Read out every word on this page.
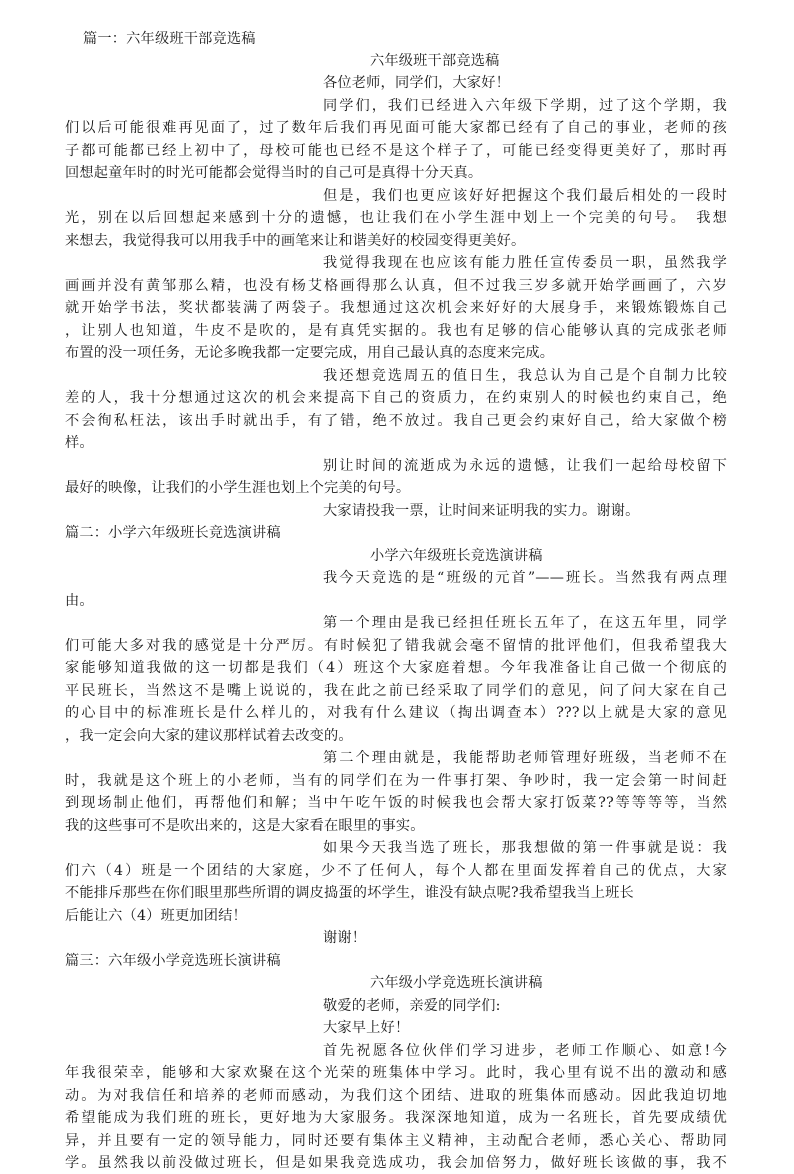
篇一：六年级班干部竞选稿
六年级班干部竞选稿
各位老师，同学们，大家好！
同学们，我们已经进入六年级下学期，过了这个学期，我
们以后可能很难再见面了，过了数年后我们再见面可能大家都已经有了自己的事业，老师的孩
子都可能都已经上初中了，母校可能也已经不是这个样子了，可能已经变得更美好了，那时再
回想起童年时的时光可能都会觉得当时的自己可是真得十分天真。
但是，我们也更应该好好把握这个我们最后相处的一段时
光，别在以后回想起来感到十分的遗憾，也让我们在小学生涯中划上一个完美的句号。　我想
来想去，我觉得我可以用我手中的画笔来让和谐美好的校园变得更美好。
我觉得我现在也应该有能力胜任宣传委员一职，虽然我学
画画并没有黄邹那么精，也没有杨艾格画得那么认真，但不过我三岁多就开始学画画了，六岁
就开始学书法，奖状都装满了两袋子。我想通过这次机会来好好的大展身手，来锻炼锻炼自己
，让别人也知道，牛皮不是吹的，是有真凭实据的。我也有足够的信心能够认真的完成张老师
布置的没一项任务，无论多晚我都一定要完成，用自己最认真的态度来完成。
我还想竞选周五的值日生，我总认为自己是个自制力比较
差的人，我十分想通过这次的机会来提高下自己的资质力，在约束别人的时候也约束自己，绝
不会徇私枉法，该出手时就出手，有了错，绝不放过。我自己更会约束好自己，给大家做个榜
样。
别让时间的流逝成为永远的遗憾，让我们一起给母校留下
最好的映像，让我们的小学生涯也划上个完美的句号。
大家请投我一票，让时间来证明我的实力。谢谢。
篇二：小学六年级班长竞选演讲稿
小学六年级班长竞选演讲稿
我今天竞选的是“班级的元首”——班长。当然我有两点理
由。
第一个理由是我已经担任班长五年了，在这五年里，同学
们可能大多对我的感觉是十分严厉。有时候犯了错我就会毫不留情的批评他们，但我希望我大
家能够知道我做的这一切都是我们（4）班这个大家庭着想。今年我准备让自己做一个彻底的
平民班长，当然这不是嘴上说说的，我在此之前已经采取了同学们的意见，问了问大家在自己
的心目中的标准班长是什么样儿的，对我有什么建议（掏出调查本）???以上就是大家的意见
，我一定会向大家的建议那样试着去改变的。
第二个理由就是，我能帮助老师管理好班级，当老师不在
时，我就是这个班上的小老师，当有的同学们在为一件事打架、争吵时，我一定会第一时间赶
到现场制止他们，再帮他们和解；当中午吃午饭的时候我也会帮大家打饭菜??等等等等，当然
我的这些事可不是吹出来的，这是大家看在眼里的事实。
如果今天我当选了班长，那我想做的第一件事就是说：我
们六（4）班是一个团结的大家庭，少不了任何人，每个人都在里面发挥着自己的优点，大家
不能排斥那些在你们眼里那些所谓的调皮捣蛋的坏学生，谁没有缺点呢?我希望我当上班长
后能让六（4）班更加团结！
谢谢！
篇三：六年级小学竞选班长演讲稿
六年级小学竞选班长演讲稿
敬爱的老师，亲爱的同学们:
大家早上好！
首先祝愿各位伙伴们学习进步，老师工作顺心、如意!今
年我很荣幸，能够和大家欢聚在这个光荣的班集体中学习。此时，我心里有说不出的激动和感
动。为对我信任和培养的老师而感动，为我们这个团结、进取的班集体而感动。因此我迫切地
希望能成为我们班的班长，更好地为大家服务。我深深地知道，成为一名班长，首先要成绩优
异，并且要有一定的领导能力，同时还要有集体主义精神，主动配合老师，悉心关心、帮助同
学。虽然我以前没做过班长，但是如果我竞选成功，我会加倍努力，做好班长该做的事，我不
